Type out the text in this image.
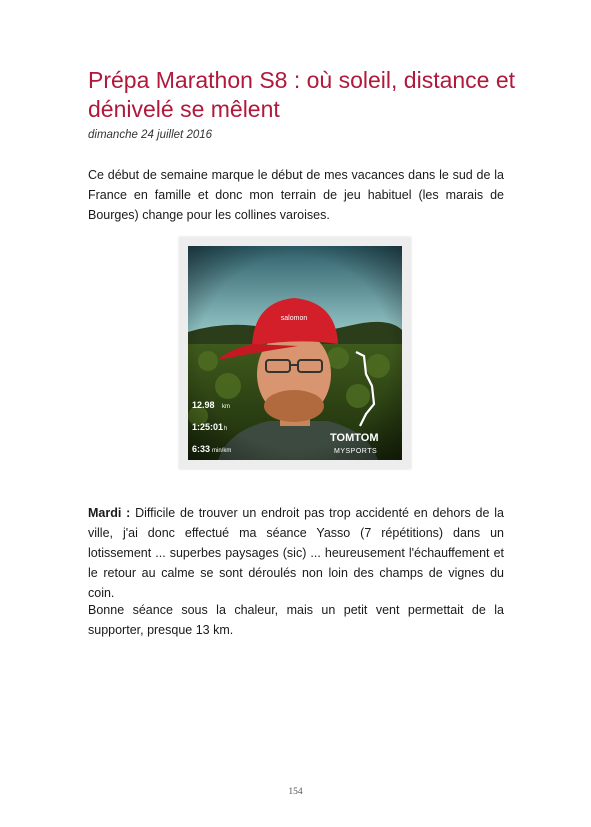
Prépa Marathon S8 : où soleil, distance et dénivelé se mêlent
dimanche 24 juillet 2016

Ce début de semaine marque le début de mes vacances dans le sud de la France en famille et donc mon terrain de jeu habituel (les marais de Bourges) change pour les collines varoises.

12.98 km
1:25:01 h
6:33 min/km
TOMTOM
MYSPORTS

Mardi : Difficile de trouver un endroit pas trop accidenté en dehors de la ville, j'ai donc effectué ma séance Yasso (7 répétitions) dans un lotissement ... superbes paysages (sic) ... heureusement l'échauffement et le retour au calme se sont déroulés non loin des champs de vignes du coin.

Bonne séance sous la chaleur, mais un petit vent permettait de la supporter, presque 13 km.

154
